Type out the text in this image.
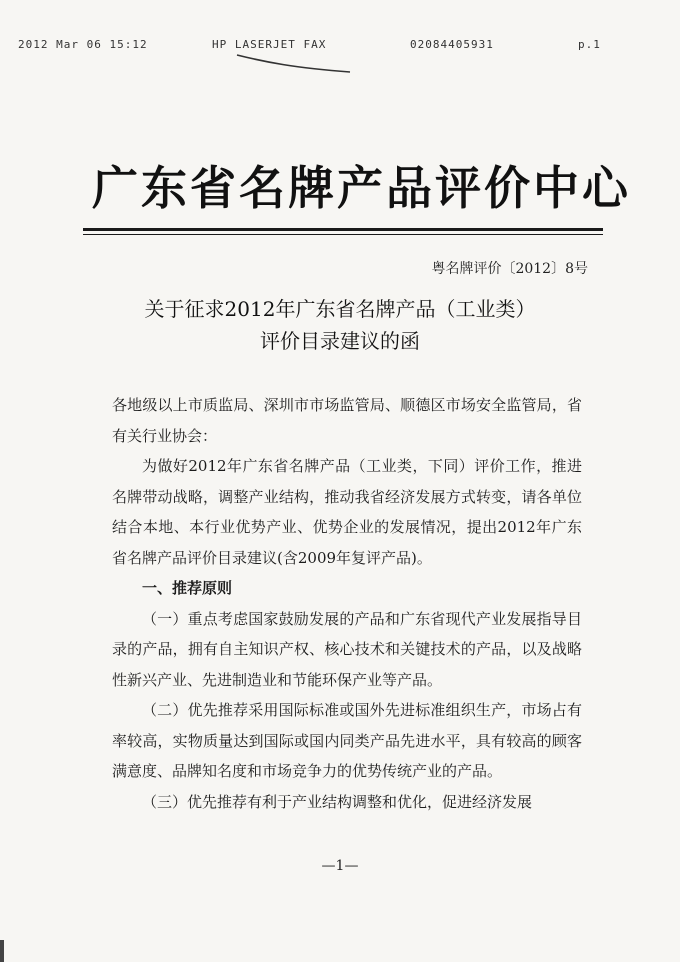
2012 Mar 06 15:12	HP LASERJET FAX	02084405931	p.1
广东省名牌产品评价中心
粤名牌评价〔2012〕8号
关于征求2012年广东省名牌产品（工业类）
评价目录建议的函

各地级以上市质监局、深圳市市场监管局、顺德区市场安全监管局，省有关行业协会：

为做好2012年广东省名牌产品（工业类，下同）评价工作，推进名牌带动战略，调整产业结构，推动我省经济发展方式转变，请各单位结合本地、本行业优势产业、优势企业的发展情况，提出2012年广东省名牌产品评价目录建议(含2009年复评产品)。

一、推荐原则

（一）重点考虑国家鼓励发展的产品和广东省现代产业发展指导目录的产品，拥有自主知识产权、核心技术和关键技术的产品，以及战略性新兴产业、先进制造业和节能环保产业等产品。

（二）优先推荐采用国际标准或国外先进标准组织生产，市场占有率较高，实物质量达到国际或国内同类产品先进水平，具有较高的顾客满意度、品牌知名度和市场竞争力的优势传统产业的产品。

（三）优先推荐有利于产业结构调整和优化，促进经济发展

—1—
